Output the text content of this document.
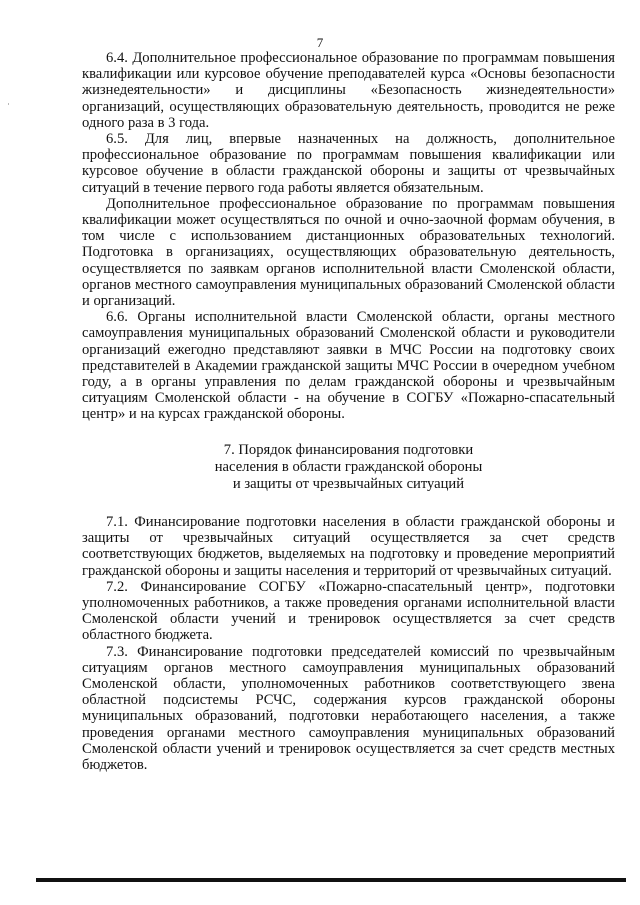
7

6.4. Дополнительное профессиональное образование по программам повышения квалификации или курсовое обучение преподавателей курса «Основы безопасности жизнедеятельности» и дисциплины «Безопасность жизнедеятельности» организаций, осуществляющих образовательную деятельность, проводится не реже одного раза в 3 года.

6.5. Для лиц, впервые назначенных на должность, дополнительное профессиональное образование по программам повышения квалификации или курсовое обучение в области гражданской обороны и защиты от чрезвычайных ситуаций в течение первого года работы является обязательным.

Дополнительное профессиональное образование по программам повышения квалификации может осуществляться по очной и очно-заочной формам обучения, в том числе с использованием дистанционных образовательных технологий. Подготовка в организациях, осуществляющих образовательную деятельность, осуществляется по заявкам органов исполнительной власти Смоленской области, органов местного самоуправления муниципальных образований Смоленской области и организаций.

6.6. Органы исполнительной власти Смоленской области, органы местного самоуправления муниципальных образований Смоленской области и руководители организаций ежегодно представляют заявки в МЧС России на подготовку своих представителей в Академии гражданской защиты МЧС России в очередном учебном году, а в органы управления по делам гражданской обороны и чрезвычайным ситуациям Смоленской области - на обучение в СОГБУ «Пожарно-спасательный центр» и на курсах гражданской обороны.

7. Порядок финансирования подготовки
населения в области гражданской обороны
и защиты от чрезвычайных ситуаций

7.1. Финансирование подготовки населения в области гражданской обороны и защиты от чрезвычайных ситуаций осуществляется за счет средств соответствующих бюджетов, выделяемых на подготовку и проведение мероприятий гражданской обороны и защиты населения и территорий от чрезвычайных ситуаций.

7.2. Финансирование СОГБУ «Пожарно-спасательный центр», подготовки уполномоченных работников, а также проведения органами исполнительной власти Смоленской области учений и тренировок осуществляется за счет средств областного бюджета.

7.3. Финансирование подготовки председателей комиссий по чрезвычайным ситуациям органов местного самоуправления муниципальных образований Смоленской области, уполномоченных работников соответствующего звена областной подсистемы РСЧС, содержания курсов гражданской обороны муниципальных образований, подготовки неработающего населения, а также проведения органами местного самоуправления муниципальных образований Смоленской области учений и тренировок осуществляется за счет средств местных бюджетов.
